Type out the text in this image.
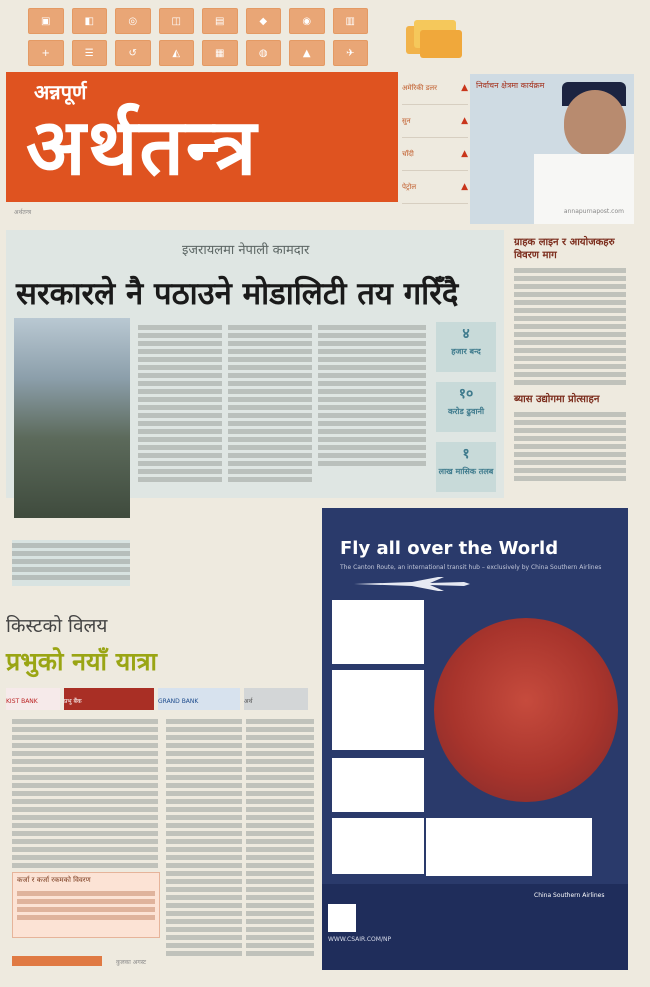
▣	◧	◎	◫	▤	◆	◉	▥
+	☰	↺	◭	▦	◍	▲	✈
अन्नपूर्ण
अर्थतन्त्र
अमेरिकी डलर	▲
सुन	▲
चाँदी	▲
पेट्रोल	▲
निर्वाचन क्षेत्रमा कार्यक्रम
अर्थतन्त्र	annapurnapost.com
इजरायलमा नेपाली कामदार
सरकारले नै पठाउने मोडालिटी तय गरिँदै
४
हजार बन्द
१०
करोड ढुवानी
१
लाख मासिक तलब
ग्राहक लाइन र आयोजकहरु विवरण माग
ब्यास उद्योगमा प्रोत्साहन
किस्टको विलय
प्रभुको नयाँ यात्रा
KIST BANK	प्रभु बैंक	GRAND BANK	अर्थ
कर्जा र कर्जा रकमको विवरण
Fly all over the World
The Canton Route, an international transit hub – exclusively by China Southern Airlines
China Southern Airlines
WWW.CSAIR.COM/NP
कुलका अगस्ट
